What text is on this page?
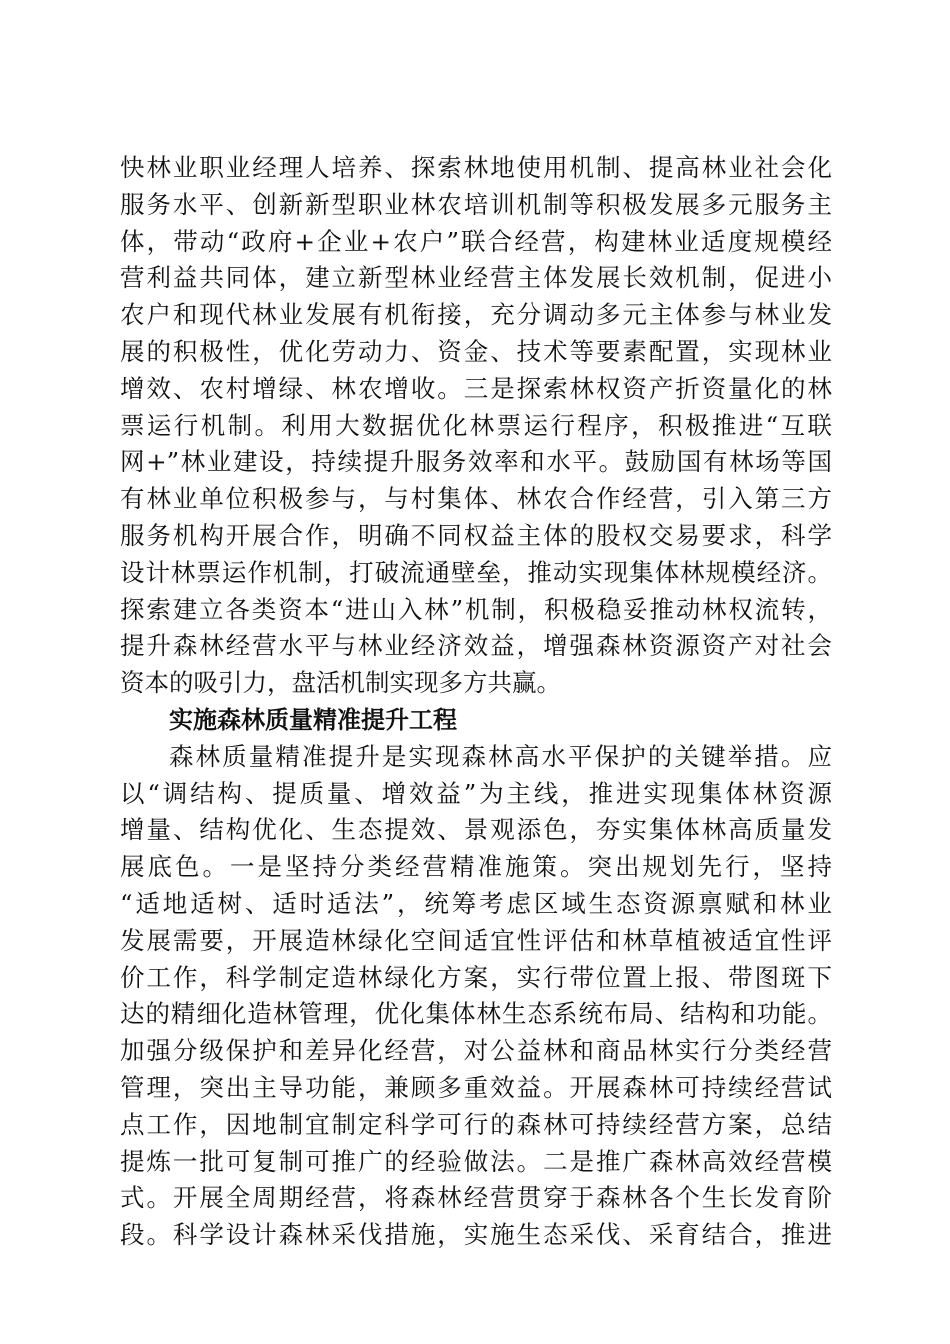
快林业职业经理人培养、探索林地使用机制、提高林业社会化
服务水平、创新新型职业林农培训机制等积极发展多元服务主
体，带动“政府+企业+农户”联合经营，构建林业适度规模经
营利益共同体，建立新型林业经营主体发展长效机制，促进小
农户和现代林业发展有机衔接，充分调动多元主体参与林业发
展的积极性，优化劳动力、资金、技术等要素配置，实现林业
增效、农村增绿、林农增收。三是探索林权资产折资量化的林
票运行机制。利用大数据优化林票运行程序，积极推进“互联
网+”林业建设，持续提升服务效率和水平。鼓励国有林场等国
有林业单位积极参与，与村集体、林农合作经营，引入第三方
服务机构开展合作，明确不同权益主体的股权交易要求，科学
设计林票运作机制，打破流通壁垒，推动实现集体林规模经济。
探索建立各类资本“进山入林”机制，积极稳妥推动林权流转，
提升森林经营水平与林业经济效益，增强森林资源资产对社会
资本的吸引力，盘活机制实现多方共赢。
实施森林质量精准提升工程
森林质量精准提升是实现森林高水平保护的关键举措。应
以“调结构、提质量、增效益”为主线，推进实现集体林资源
增量、结构优化、生态提效、景观添色，夯实集体林高质量发
展底色。一是坚持分类经营精准施策。突出规划先行，坚持
“适地适树、适时适法”，统筹考虑区域生态资源禀赋和林业
发展需要，开展造林绿化空间适宜性评估和林草植被适宜性评
价工作，科学制定造林绿化方案，实行带位置上报、带图斑下
达的精细化造林管理，优化集体林生态系统布局、结构和功能。
加强分级保护和差异化经营，对公益林和商品林实行分类经营
管理，突出主导功能，兼顾多重效益。开展森林可持续经营试
点工作，因地制宜制定科学可行的森林可持续经营方案，总结
提炼一批可复制可推广的经验做法。二是推广森林高效经营模
式。开展全周期经营，将森林经营贯穿于森林各个生长发育阶
段。科学设计森林采伐措施，实施生态采伐、采育结合，推进
